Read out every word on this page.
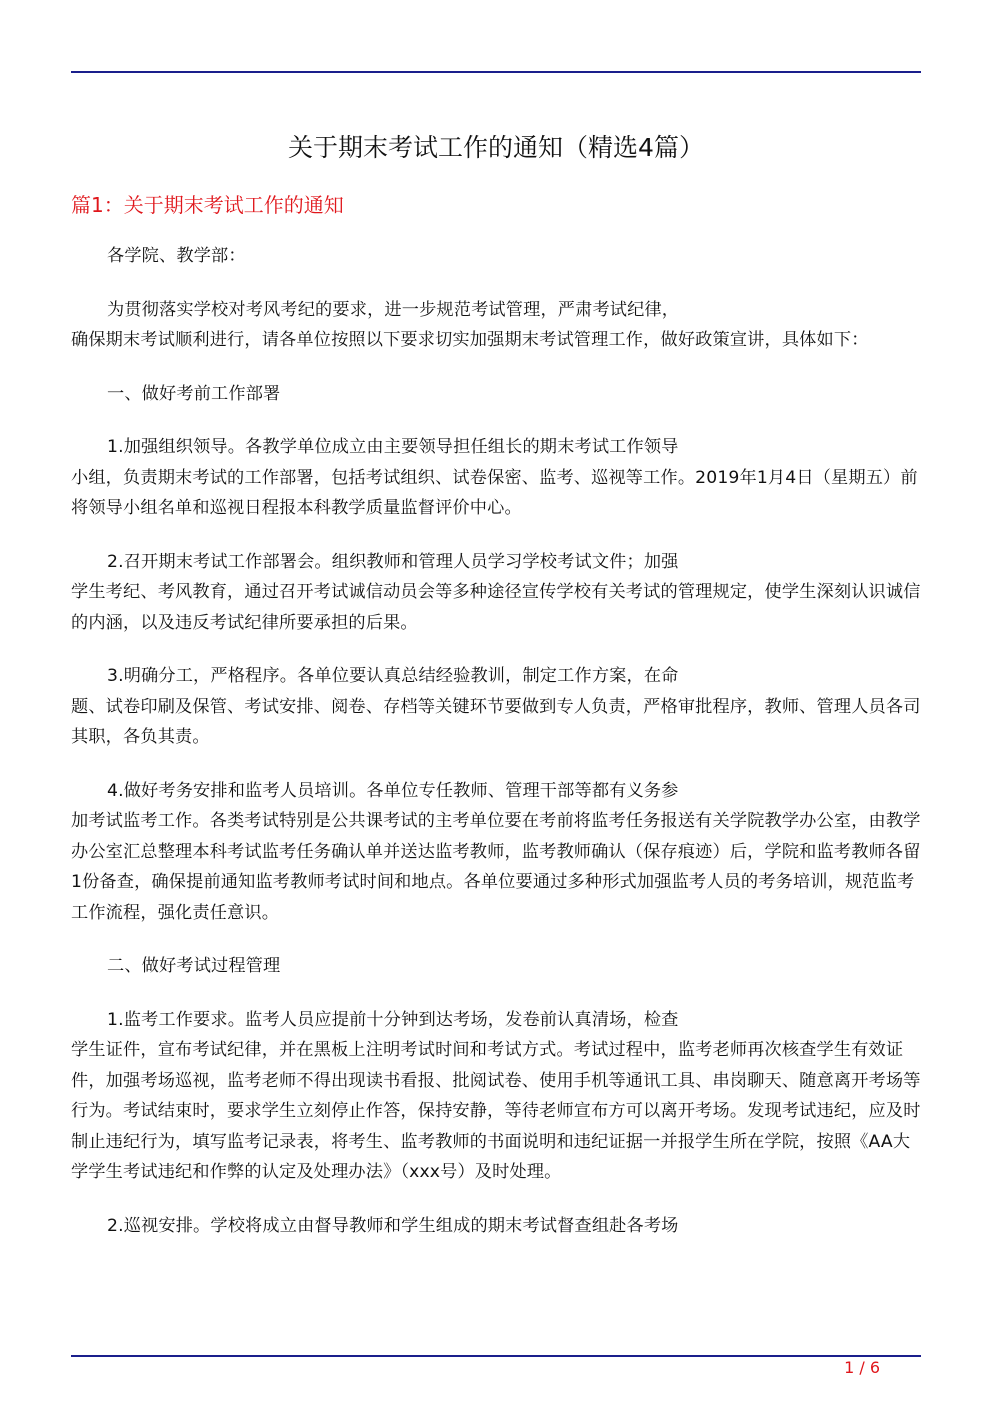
关于期末考试工作的通知（精选4篇）
篇1：关于期末考试工作的通知
各学院、教学部：
为贯彻落实学校对考风考纪的要求，进一步规范考试管理，严肃考试纪律，
确保期末考试顺利进行，请各单位按照以下要求切实加强期末考试管理工作，做好政策宣讲，具体如下：
一、做好考前工作部署
1.加强组织领导。各教学单位成立由主要领导担任组长的期末考试工作领导
小组，负责期末考试的工作部署，包括考试组织、试卷保密、监考、巡视等工作。2019年1月4日（星期五）前将领导小组名单和巡视日程报本科教学质量监督评价中心。
2.召开期末考试工作部署会。组织教师和管理人员学习学校考试文件；加强
学生考纪、考风教育，通过召开考试诚信动员会等多种途径宣传学校有关考试的管理规定，使学生深刻认识诚信的内涵，以及违反考试纪律所要承担的后果。
3.明确分工，严格程序。各单位要认真总结经验教训，制定工作方案，在命
题、试卷印刷及保管、考试安排、阅卷、存档等关键环节要做到专人负责，严格审批程序，教师、管理人员各司其职，各负其责。
4.做好考务安排和监考人员培训。各单位专任教师、管理干部等都有义务参
加考试监考工作。各类考试特别是公共课考试的主考单位要在考前将监考任务报送有关学院教学办公室，由教学办公室汇总整理本科考试监考任务确认单并送达监考教师，监考教师确认（保存痕迹）后，学院和监考教师各留1份备查，确保提前通知监考教师考试时间和地点。各单位要通过多种形式加强监考人员的考务培训，规范监考工作流程，强化责任意识。
二、做好考试过程管理
1.监考工作要求。监考人员应提前十分钟到达考场，发卷前认真清场，检查
学生证件，宣布考试纪律，并在黑板上注明考试时间和考试方式。考试过程中，监考老师再次核查学生有效证件，加强考场巡视，监考老师不得出现读书看报、批阅试卷、使用手机等通讯工具、串岗聊天、随意离开考场等行为。考试结束时，要求学生立刻停止作答，保持安静，等待老师宣布方可以离开考场。发现考试违纪，应及时制止违纪行为，填写监考记录表，将考生、监考教师的书面说明和违纪证据一并报学生所在学院，按照《AA大学学生考试违纪和作弊的认定及处理办法》（xxx号）及时处理。
2.巡视安排。学校将成立由督导教师和学生组成的期末考试督查组赴各考场
1 / 6
